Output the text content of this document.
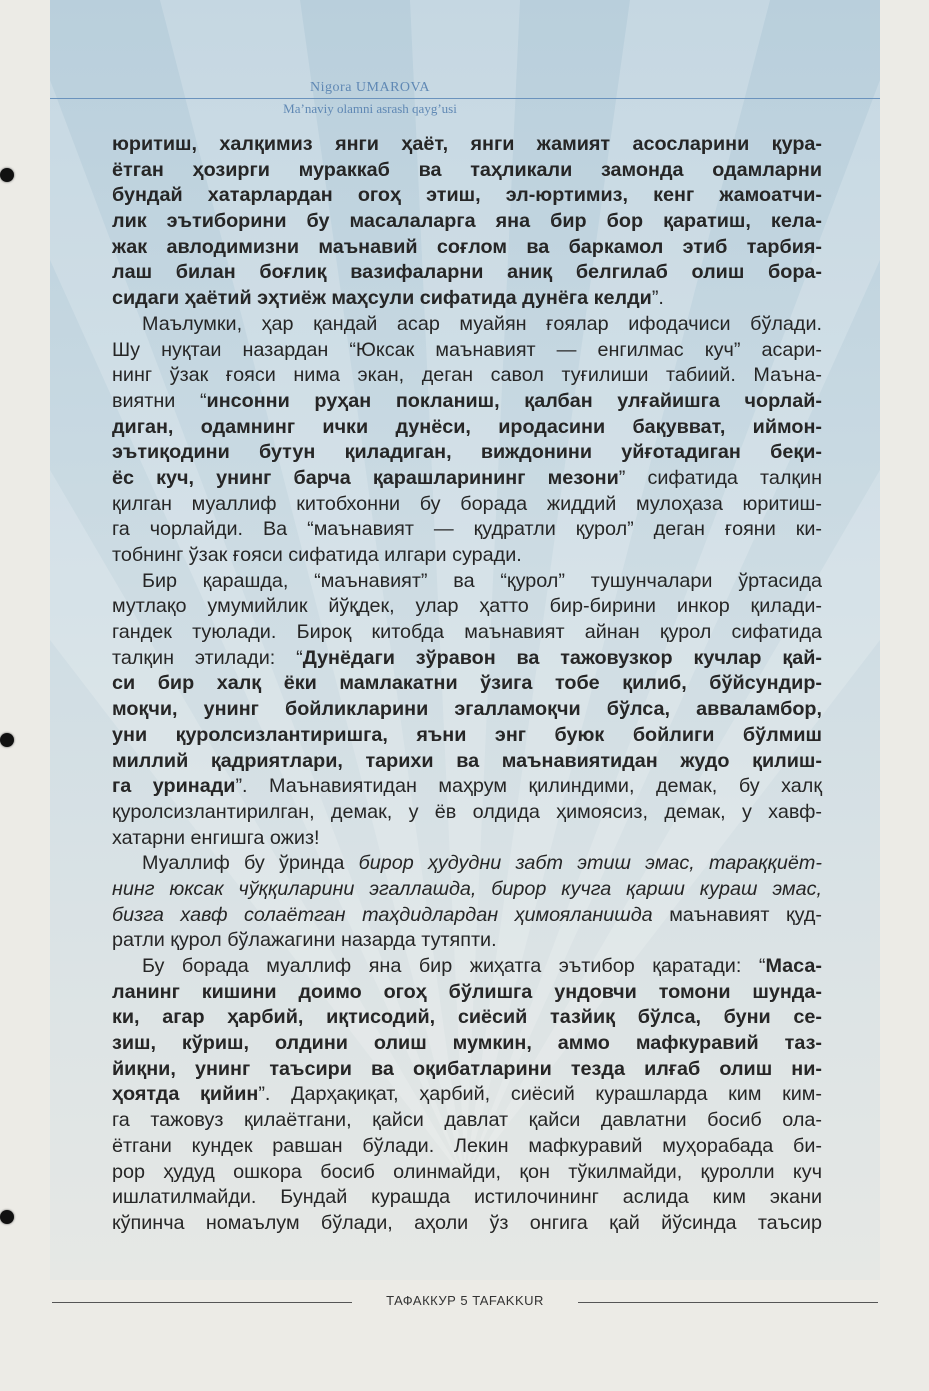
Nigora UMAROVA
Ma’naviy olamni asrash qayg’usi
юритиш, халқимиз янги ҳаёт, янги жамият асосларини қура-
ётган ҳозирги мураккаб ва таҳликали замонда одамларни
бундай хатарлардан огоҳ этиш, эл-юртимиз, кенг жамоатчи-
лик эътиборини бу масалаларга яна бир бор қаратиш, кела-
жак авлодимизни маънавий соғлом ва баркамол этиб тарбия-
лаш билан боғлиқ вазифаларни аниқ белгилаб олиш бора-
сидаги ҳаётий эҳтиёж маҳсули сифатида дунёга келди”.
Маълумки, ҳар қандай асар муайян ғоялар ифодачиси бўлади.
Шу нуқтаи назардан “Юксак маънавият — енгилмас куч” асари-
нинг ўзак ғояси нима экан, деган савол туғилиши табиий. Маъна-
виятни “инсонни руҳан покланиш, қалбан улғайишга чорлай-
диган, одамнинг ички дунёси, иродасини бақувват, иймон-
эътиқодини бутун қиладиган, виждонини уйғотадиган беқи-
ёс куч, унинг барча қарашларининг мезони” сифатида талқин
қилган муаллиф китобхонни бу борада жиддий мулоҳаза юритиш-
га чорлайди. Ва “маънавият — қудратли қурол” деган ғояни ки-
тобнинг ўзак ғояси сифатида илгари суради.
Бир қарашда, “маънавият” ва “қурол” тушунчалари ўртасида
мутлақо умумийлик йўқдек, улар ҳатто бир-бирини инкор қилади-
гандек туюлади. Бироқ китобда маънавият айнан қурол сифатида
талқин этилади: “Дунёдаги зўравон ва тажовузкор кучлар қай-
си бир халқ ёки мамлакатни ўзига тобе қилиб, бўйсундир-
моқчи, унинг бойликларини эгалламоқчи бўлса, авваламбор,
уни қуролсизлантиришга, яъни энг буюк бойлиги бўлмиш
миллий қадриятлари, тарихи ва маънавиятидан жудо қилиш-
га уринади”. Маънавиятидан маҳрум қилиндими, демак, бу халқ
қуролсизлантирилган, демак, у ёв олдида ҳимоясиз, демак, у хавф-
хатарни енгишга ожиз!
Муаллиф бу ўринда бирор ҳудудни забт этиш эмас, тараққиёт-
нинг юксак чўққиларини эгаллашда, бирор кучга қарши кураш эмас,
бизга хавф солаётган таҳдидлардан ҳимояланишда маънавият қуд-
ратли қурол бўлажагини назарда тутяпти.
Бу борада муаллиф яна бир жиҳатга эътибор қаратади: “Маса-
ланинг кишини доимо огоҳ бўлишга ундовчи томони шунда-
ки, агар ҳарбий, иқтисодий, сиёсий тазйиқ бўлса, буни се-
зиш, кўриш, олдини олиш мумкин, аммо мафкуравий таз-
йиқни, унинг таъсири ва оқибатларини тезда илғаб олиш ни-
ҳоятда қийин”. Дарҳақиқат, ҳарбий, сиёсий курашларда ким ким-
га тажовуз қилаётгани, қайси давлат қайси давлатни босиб ола-
ётгани кундек равшан бўлади. Лекин мафкуравий муҳорабада би-
рор ҳудуд ошкора босиб олинмайди, қон тўкилмайди, қуролли куч
ишлатилмайди. Бундай курашда истилочининг аслида ким экани
кўпинча номаълум бўлади, аҳоли ўз онгига қай йўсинда таъсир
ТАФАККУР 5 TAFAKKUR
